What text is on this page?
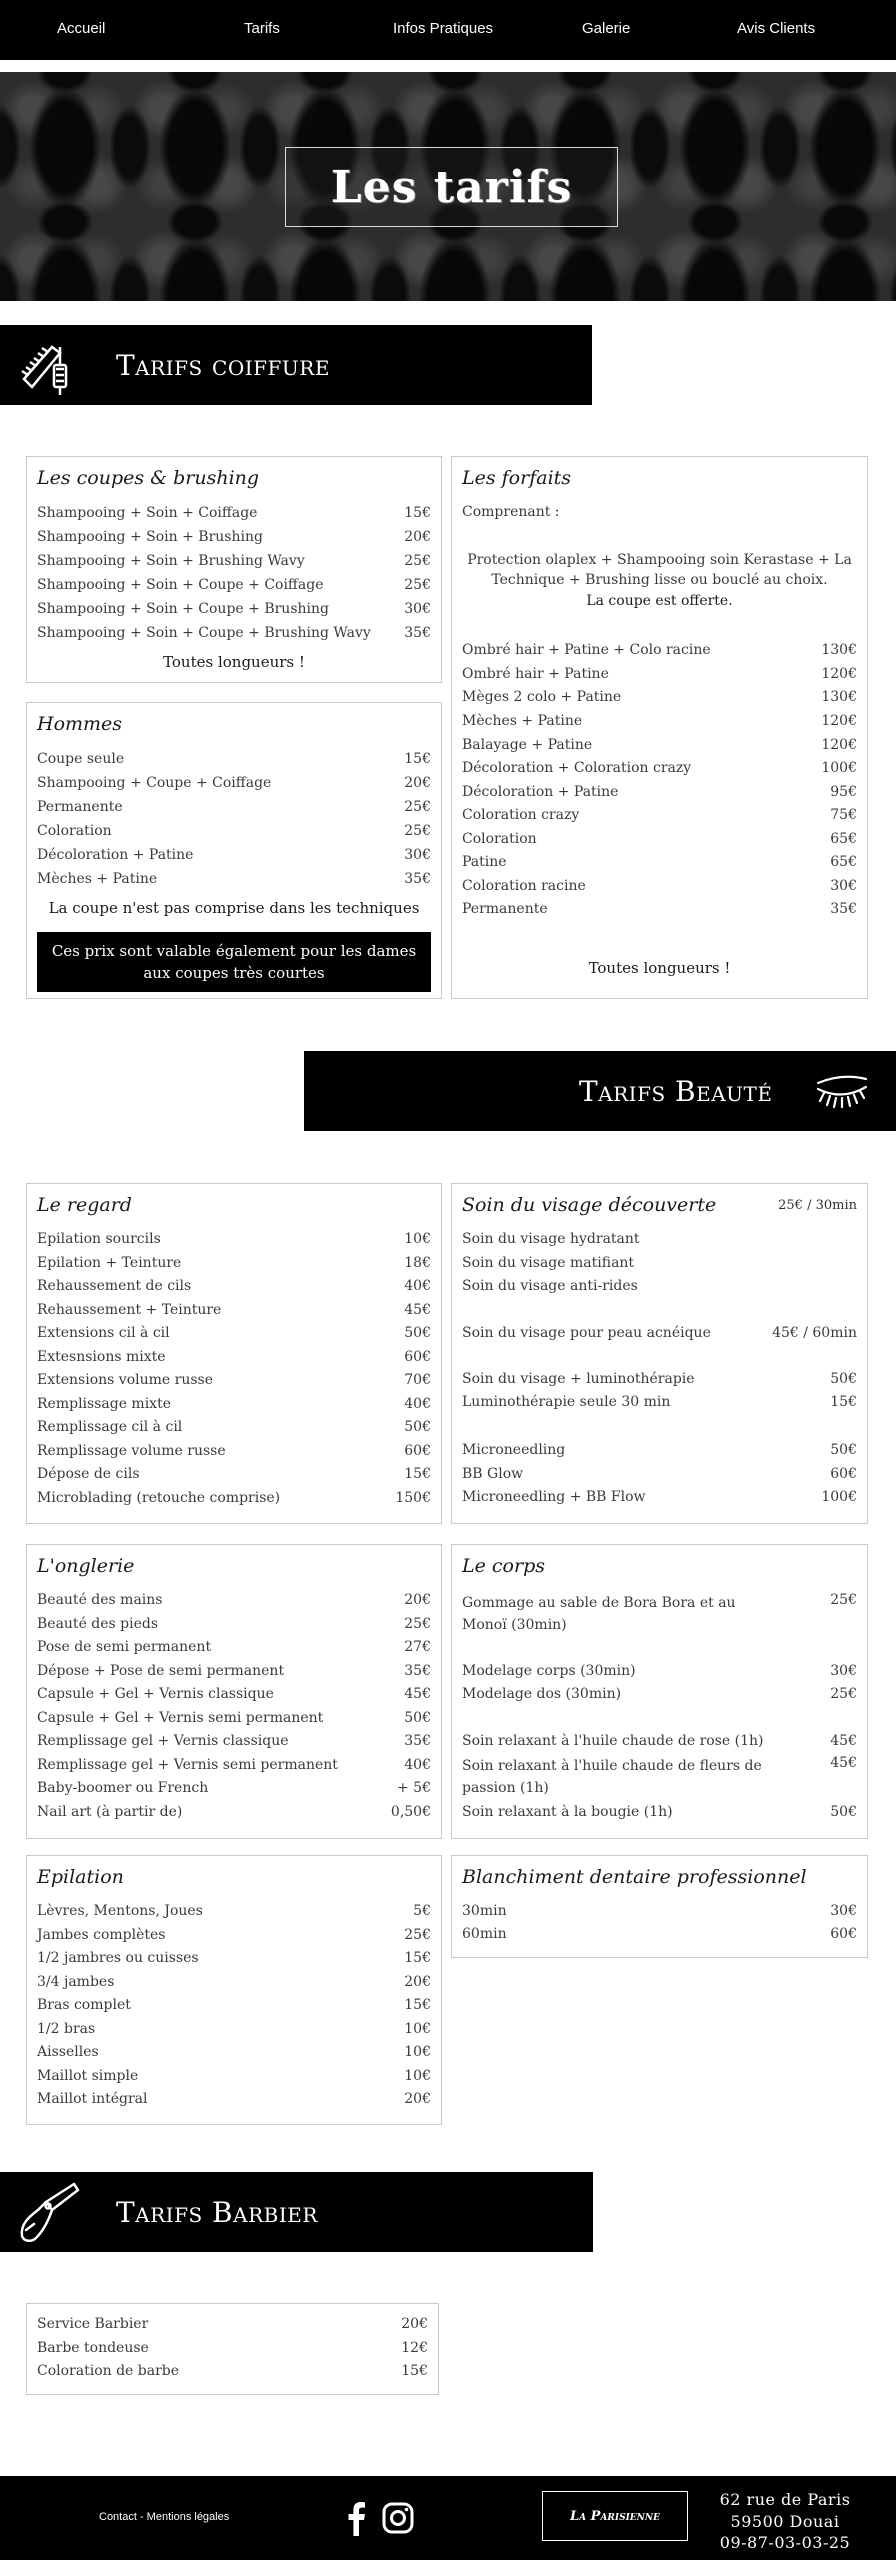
Accueil	Tarifs	Infos Pratiques	Galerie	Avis Clients
Les tarifs
Tarifs coiffure
Les coupes & brushing
Shampooing + Soin + Coiffage	15€
Shampooing + Soin + Brushing	20€
Shampooing + Soin + Brushing Wavy	25€
Shampooing + Soin + Coupe + Coiffage	25€
Shampooing + Soin + Coupe + Brushing	30€
Shampooing + Soin + Coupe + Brushing Wavy 35€
Toutes longueurs !
Hommes
Coupe seule	15€
Shampooing + Coupe + Coiffage	20€
Permanente	25€
Coloration	25€
Décoloration + Patine	30€
Mèches + Patine	35€
La coupe n'est pas comprise dans les techniques
Ces prix sont valable également pour les dames aux coupes très courtes
Les forfaits
Comprenant :
Protection olaplex + Shampooing soin Kerastase + La Technique + Brushing lisse ou bouclé au choix.
La coupe est offerte.
Ombré hair + Patine + Colo racine	130€
Ombré hair + Patine	120€
Mèges 2 colo + Patine	130€
Mèches + Patine	120€
Balayage + Patine	120€
Décoloration + Coloration crazy	100€
Décoloration + Patine	95€
Coloration crazy	75€
Coloration	65€
Patine	65€
Coloration racine	30€
Permanente	35€
Toutes longueurs !
Tarifs Beauté
Le regard
Epilation sourcils	10€
Epilation + Teinture	18€
Rehaussement de cils	40€
Rehaussement + Teinture	45€
Extensions cil à cil	50€
Extesnsions mixte	60€
Extensions volume russe	70€
Remplissage mixte	40€
Remplissage cil à cil	50€
Remplissage volume russe	60€
Dépose de cils	15€
Microblading (retouche comprise)	150€
Soin du visage découverte	25€ / 30min
Soin du visage hydratant
Soin du visage matifiant
Soin du visage anti-rides
Soin du visage pour peau acnéique	45€ / 60min
Soin du visage + luminothérapie	50€
Luminothérapie seule 30 min	15€
Microneedling	50€
BB Glow	60€
Microneedling + BB Flow	100€
L'onglerie
Beauté des mains	20€
Beauté des pieds	25€
Pose de semi permanent	27€
Dépose + Pose de semi permanent	35€
Capsule + Gel + Vernis classique	45€
Capsule + Gel + Vernis semi permanent	50€
Remplissage gel + Vernis classique	35€
Remplissage gel + Vernis semi permanent	40€
Baby-boomer ou French	+ 5€
Nail art (à partir de)	0,50€
Le corps
Gommage au sable de Bora Bora et au Monoï (30min)
25€
Modelage corps (30min)	30€
Modelage dos (30min)	25€
Soin relaxant à l'huile chaude de rose (1h)	45€
Soin relaxant à l'huile chaude de fleurs de passion (1h)
45€
Soin relaxant à la bougie (1h)	50€
Epilation
Lèvres, Mentons, Joues	5€
Jambes complètes	25€
1/2 jambres ou cuisses	15€
3/4 jambes	20€
Bras complet	15€
1/2 bras	10€
Aisselles	10€
Maillot simple	10€
Maillot intégral	20€
Blanchiment dentaire professionnel
30min	30€
60min	60€
Tarifs Barbier
Service Barbier	20€
Barbe tondeuse	12€
Coloration de barbe	15€
Contact - Mentions légales	La Parisienne
62 rue de Paris
59500 Douai
09-87-03-03-25
